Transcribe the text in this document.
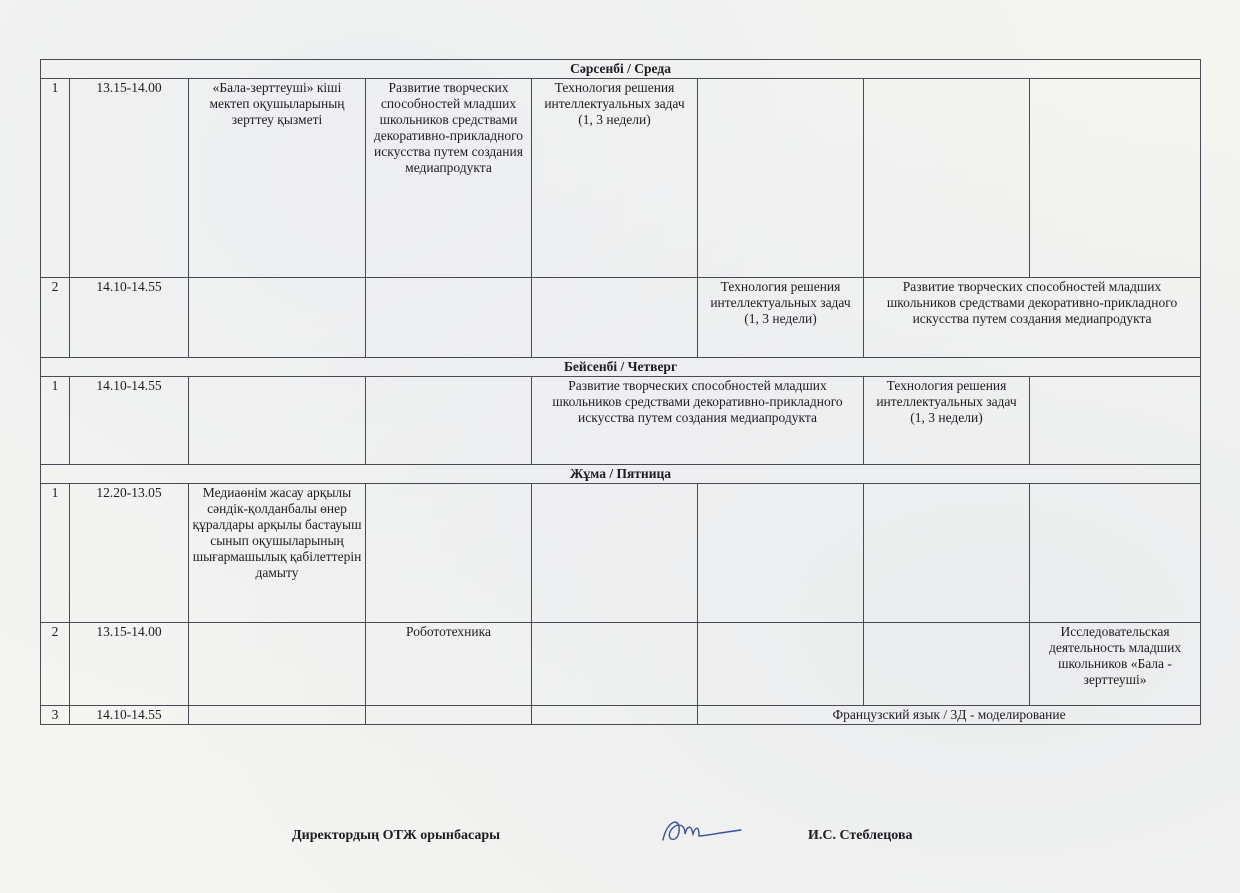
Сәрсенбі / Среда							
1	13.15-14.00	«Бала-зерттеуші» кіші мектеп оқушыларының зерттеу қызметі	Развитие творческих способностей младших школьников средствами декоративно-прикладного искусства путем создания медиапродукта	Технология решения интеллектуальных задач
(1, 3 недели)			
2	14.10-14.55				Технология решения интеллектуальных задач
(1, 3 недели)	Развитие творческих способностей младших школьников средствами декоративно-прикладного искусства путем создания медиапродукта	
Бейсенбі / Четверг							
1	14.10-14.55			Развитие творческих способностей младших школьников средствами декоративно-прикладного искусства путем создания медиапродукта		Технология решения интеллектуальных задач
(1, 3 недели)	
Жұма / Пятница							
1	12.20-13.05	Медиаөнім жасау арқылы сәндік-қолданбалы өнер құралдары арқылы бастауыш сынып оқушыларының шығармашылық қабілеттерін дамыту					
2	13.15-14.00		Робототехника				Исследовательская деятельность младших школьников «Бала - зерттеуші»
3	14.10-14.55				Французский язык / 3Д - моделирование		
Директордың ОТЖ орынбасары	И.С. Стеблецова
